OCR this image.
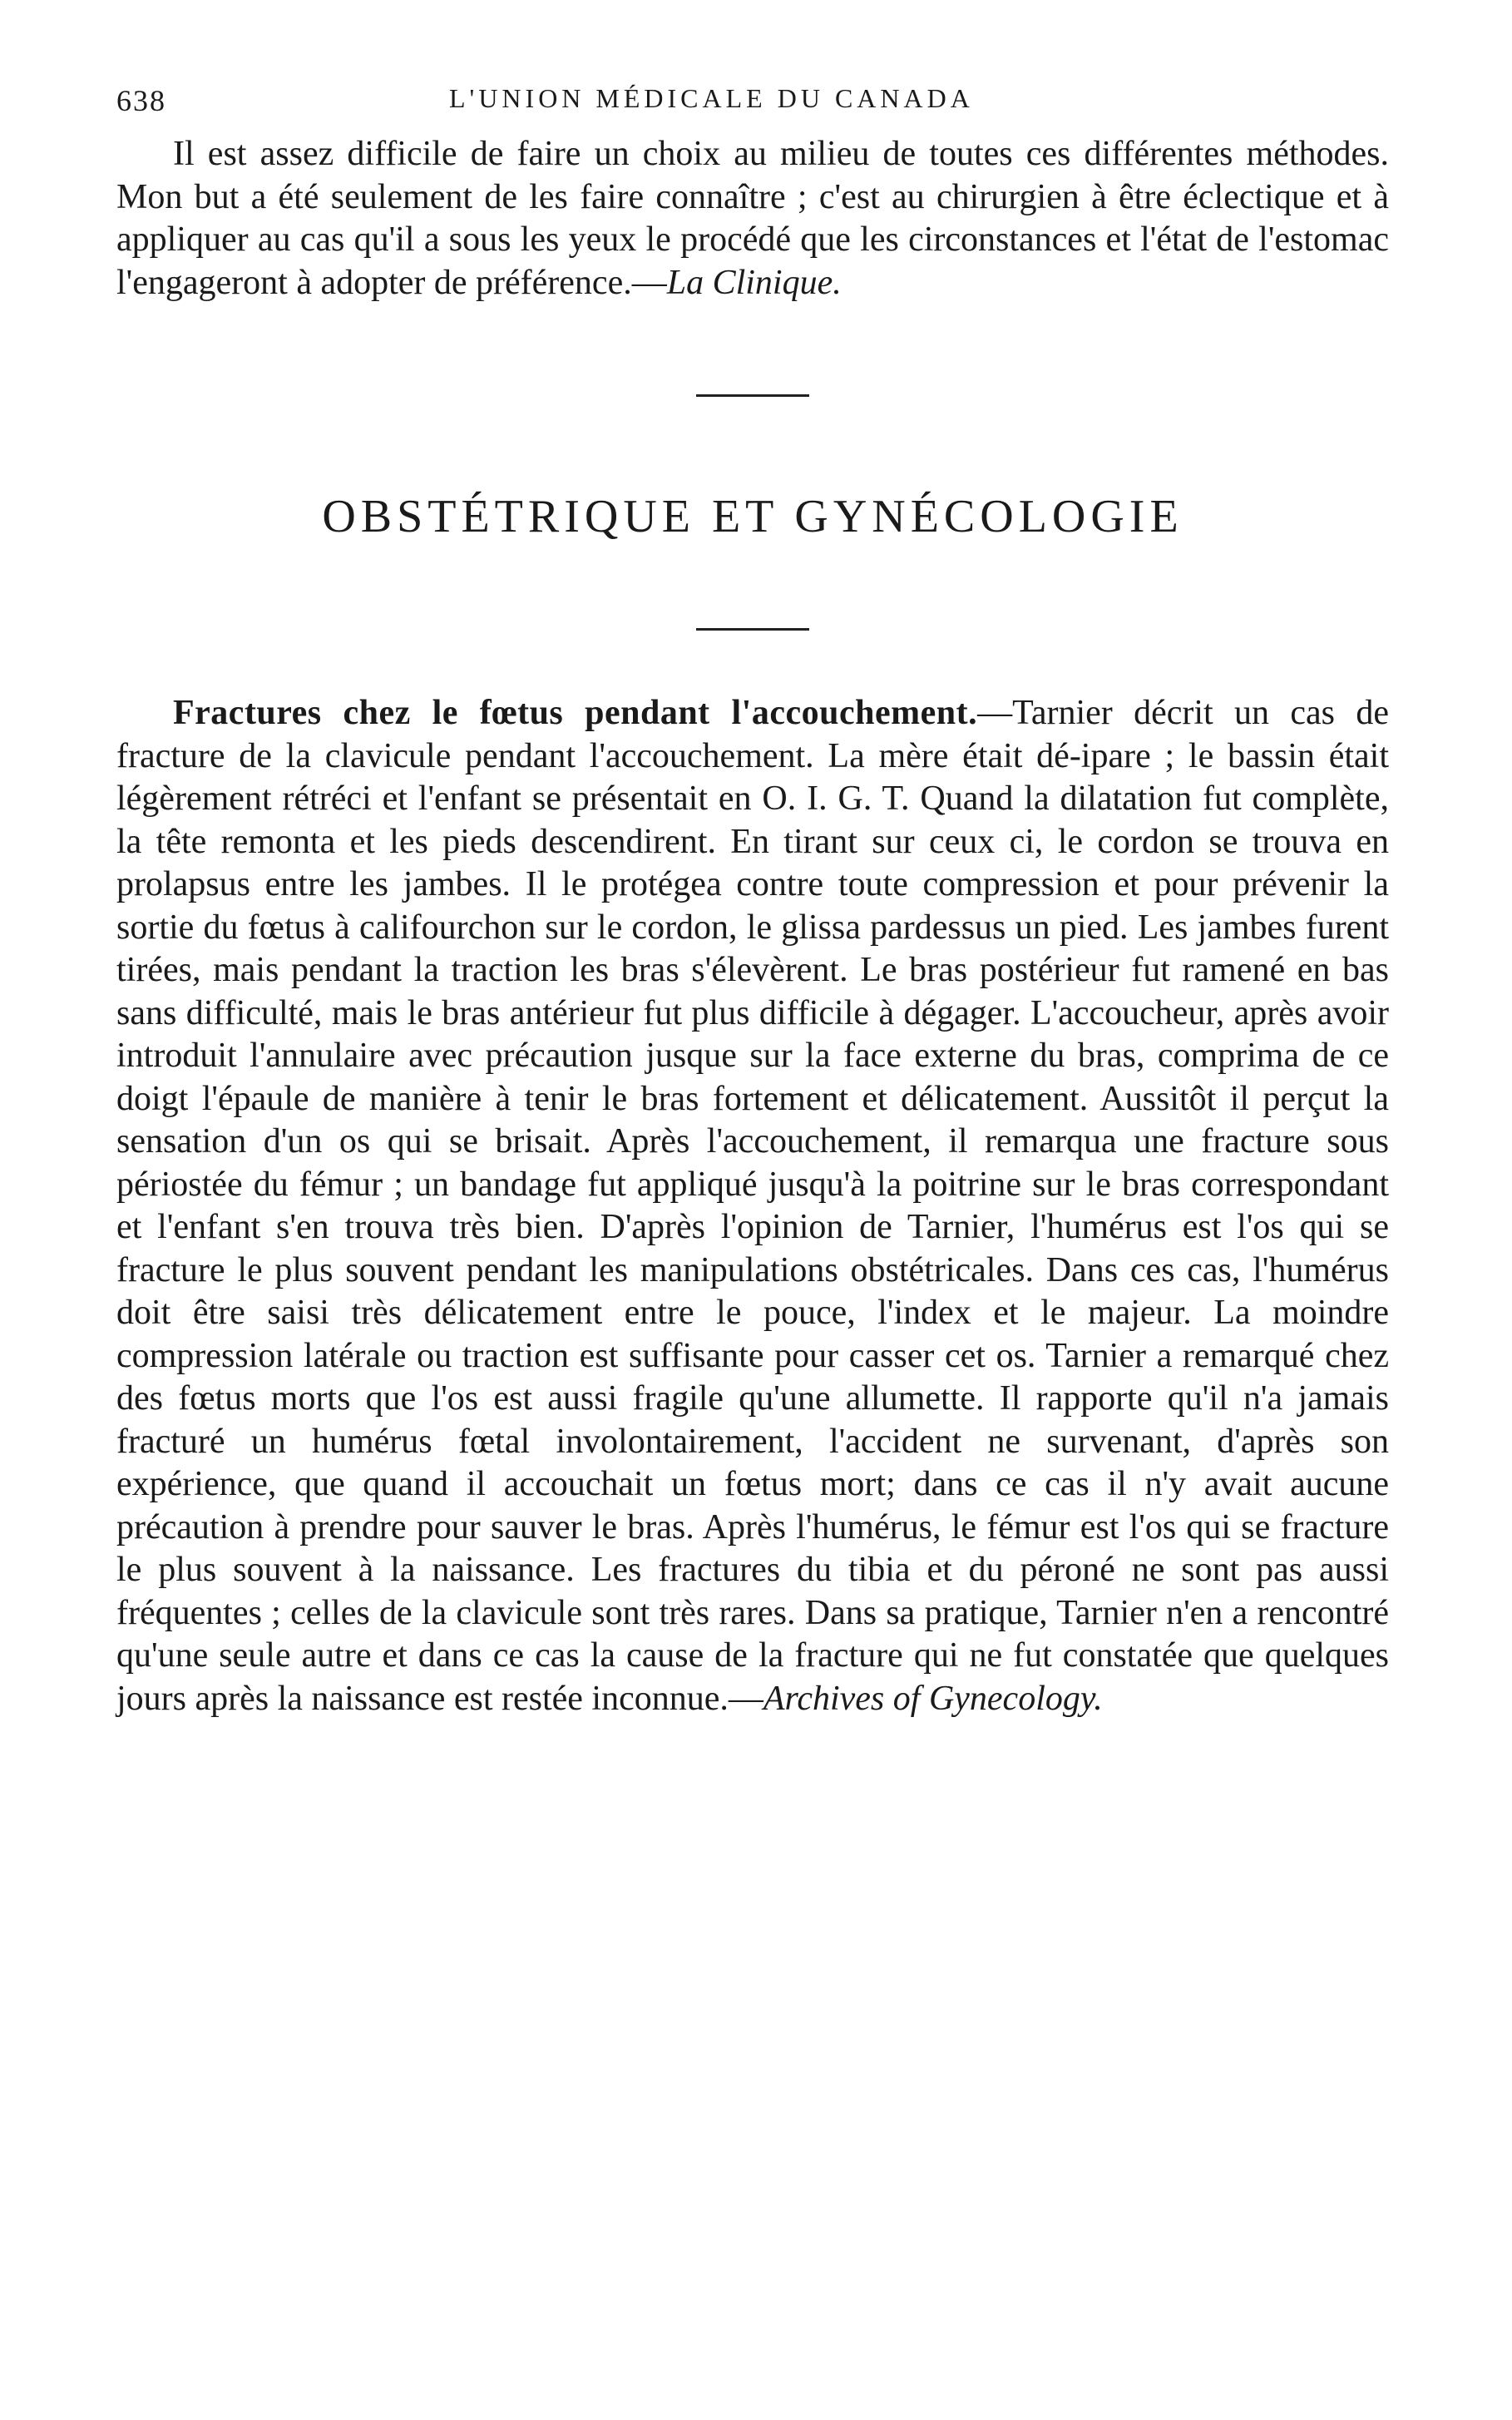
638	L'UNION MÉDICALE DU CANADA

Il est assez difficile de faire un choix au milieu de toutes ces différentes méthodes. Mon but a été seulement de les faire connaître ; c'est au chirurgien à être éclectique et à appliquer au cas qu'il a sous les yeux le procédé que les circonstances et l'état de l'estomac l'engageront à adopter de préférence.—La Clinique.

OBSTÉTRIQUE ET GYNÉCOLOGIE

Fractures chez le fœtus pendant l'accouchement.—Tarnier décrit un cas de fracture de la clavicule pendant l'accouchement. La mère était dé-ipare ; le bassin était légèrement rétréci et l'enfant se présentait en O. I. G. T. Quand la dilatation fut complète, la tête remonta et les pieds descendirent. En tirant sur ceux ci, le cordon se trouva en prolapsus entre les jambes. Il le protégea contre toute compression et pour prévenir la sortie du fœtus à califourchon sur le cordon, le glissa pardessus un pied. Les jambes furent tirées, mais pendant la traction les bras s'élevèrent. Le bras postérieur fut ramené en bas sans difficulté, mais le bras antérieur fut plus difficile à dégager. L'accoucheur, après avoir introduit l'annulaire avec précaution jusque sur la face externe du bras, comprima de ce doigt l'épaule de manière à tenir le bras fortement et délicatement. Aussitôt il perçut la sensation d'un os qui se brisait. Après l'accouchement, il remarqua une fracture sous périostée du fémur ; un bandage fut appliqué jusqu'à la poitrine sur le bras correspondant et l'enfant s'en trouva très bien. D'après l'opinion de Tarnier, l'humérus est l'os qui se fracture le plus souvent pendant les manipulations obstétricales. Dans ces cas, l'humérus doit être saisi très délicatement entre le pouce, l'index et le majeur. La moindre compression latérale ou traction est suffisante pour casser cet os. Tarnier a remarqué chez des fœtus morts que l'os est aussi fragile qu'une allumette. Il rapporte qu'il n'a jamais fracturé un humérus fœtal involontairement, l'accident ne survenant, d'après son expérience, que quand il accouchait un fœtus mort; dans ce cas il n'y avait aucune précaution à prendre pour sauver le bras. Après l'humérus, le fémur est l'os qui se fracture le plus souvent à la naissance. Les fractures du tibia et du péroné ne sont pas aussi fréquentes ; celles de la clavicule sont très rares. Dans sa pratique, Tarnier n'en a rencontré qu'une seule autre et dans ce cas la cause de la fracture qui ne fut constatée que quelques jours après la naissance est restée inconnue.—Archives of Gynecology.
